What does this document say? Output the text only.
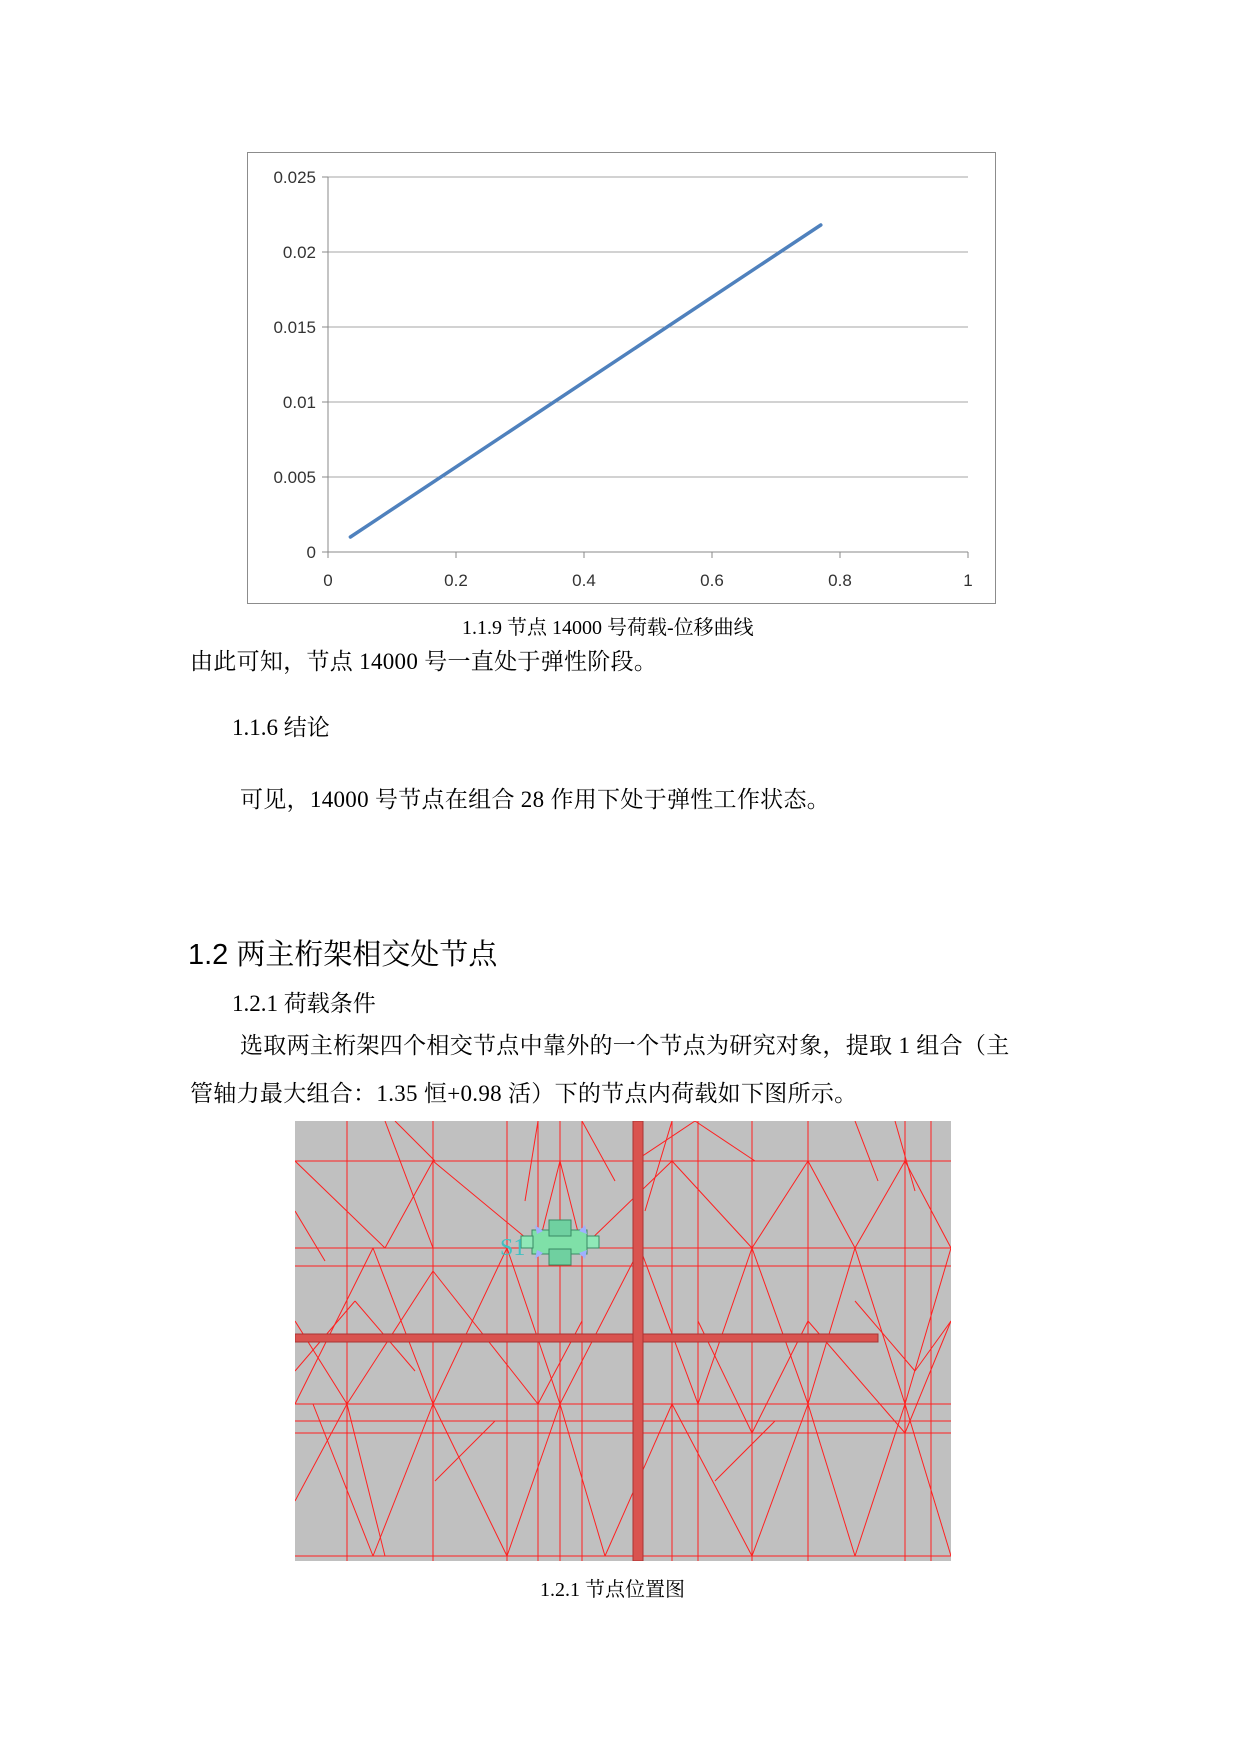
0
0.005
0.01
0.015
0.02
0.025
0	0.2	0.4	0.6	0.8	1
1.1.9 节点 14000 号荷载-位移曲线
由此可知，节点 14000 号一直处于弹性阶段。
1.1.6 结论
可见，14000 号节点在组合 28 作用下处于弹性工作状态。
1.2 两主桁架相交处节点
1.2.1 荷载条件
选取两主桁架四个相交节点中靠外的一个节点为研究对象，提取 1 组合（主
管轴力最大组合：1.35 恒+0.98 活）下的节点内荷载如下图所示。
S1
1.2.1 节点位置图
